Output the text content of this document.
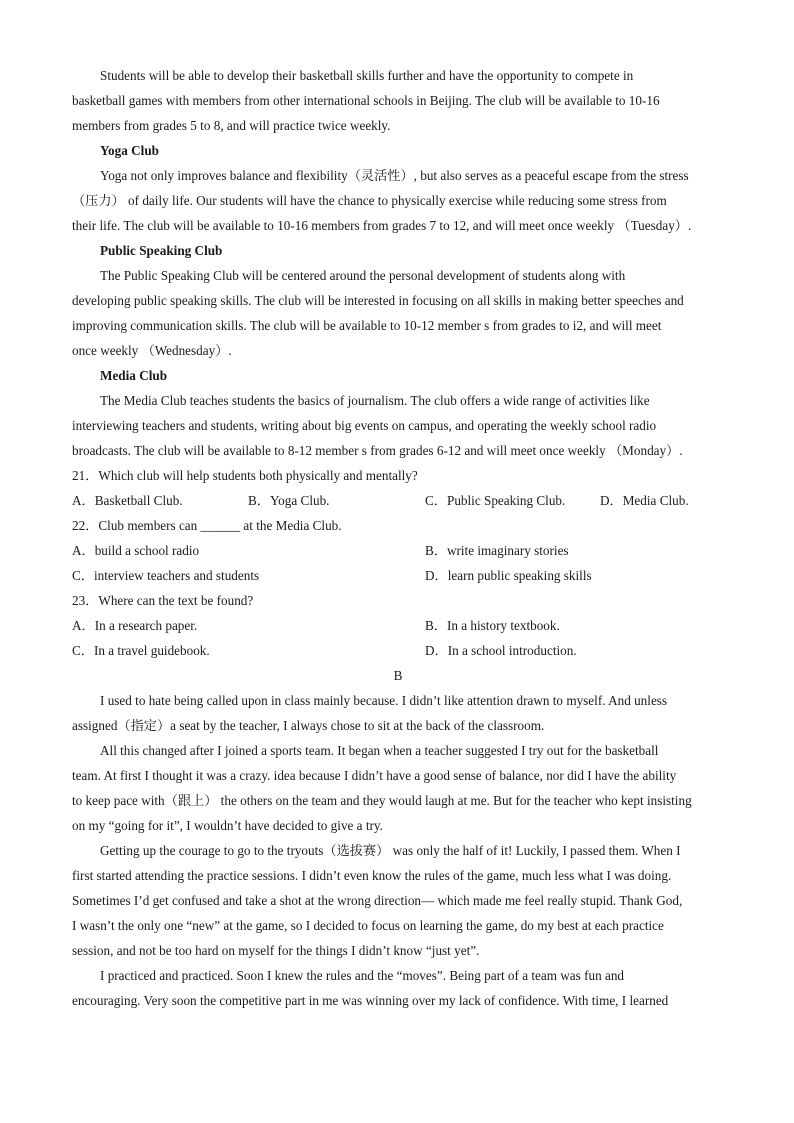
Students will be able to develop their basketball skills further and have the opportunity to compete in
basketball games with members from other international schools in Beijing. The club will be available to 10-16
members from grades 5 to 8, and will practice twice weekly.
Yoga Club
Yoga not only improves balance and flexibility（灵活性）, but also serves as a peaceful escape from the stress
（压力） of daily life. Our students will have the chance to physically exercise while reducing some stress from
their life. The club will be available to 10-16 members from grades 7 to 12, and will meet once weekly （Tuesday）.
Public Speaking Club
The Public Speaking Club will be centered around the personal development of students along with
developing public speaking skills. The club will be interested in focusing on all skills in making better speeches and
improving communication skills. The club will be available to 10-12 member s from grades to i2, and will meet
once weekly （Wednesday）.
Media Club
The Media Club teaches students the basics of journalism. The club offers a wide range of activities like
interviewing teachers and students, writing about big events on campus, and operating the weekly school radio
broadcasts. The club will be available to 8-12 member s from grades 6-12 and will meet once weekly （Monday）.
21．Which club will help students both physically and mentally?
A．Basketball Club.	B．Yoga Club.	C．Public Speaking Club.	D．Media Club.
22．Club members can ______ at the Media Club.
A．build a school radio	B．write imaginary stories
C．interview teachers and students	D．learn public speaking skills
23．Where can the text be found?
A．In a research paper.	B．In a history textbook.
C．In a travel guidebook.	D．In a school introduction.
B
I used to hate being called upon in class mainly because. I didn’t like attention drawn to myself. And unless
assigned（指定）a seat by the teacher, I always chose to sit at the back of the classroom.
All this changed after I joined a sports team. It began when a teacher suggested I try out for the basketball
team. At first I thought it was a crazy. idea because I didn’t have a good sense of balance, nor did I have the ability
to keep pace with（跟上） the others on the team and they would laugh at me. But for the teacher who kept insisting
on my “going for it”, I wouldn’t have decided to give a try.
Getting up the courage to go to the tryouts（选拔赛） was only the half of it! Luckily, I passed them. When I
first started attending the practice sessions. I didn’t even know the rules of the game, much less what I was doing.
Sometimes I’d get confused and take a shot at the wrong direction— which made me feel really stupid. Thank God,
I wasn’t the only one “new” at the game, so I decided to focus on learning the game, do my best at each practice
session, and not be too hard on myself for the things I didn’t know “just yet”.
I practiced and practiced. Soon I knew the rules and the “moves”. Being part of a team was fun and
encouraging. Very soon the competitive part in me was winning over my lack of confidence. With time, I learned
